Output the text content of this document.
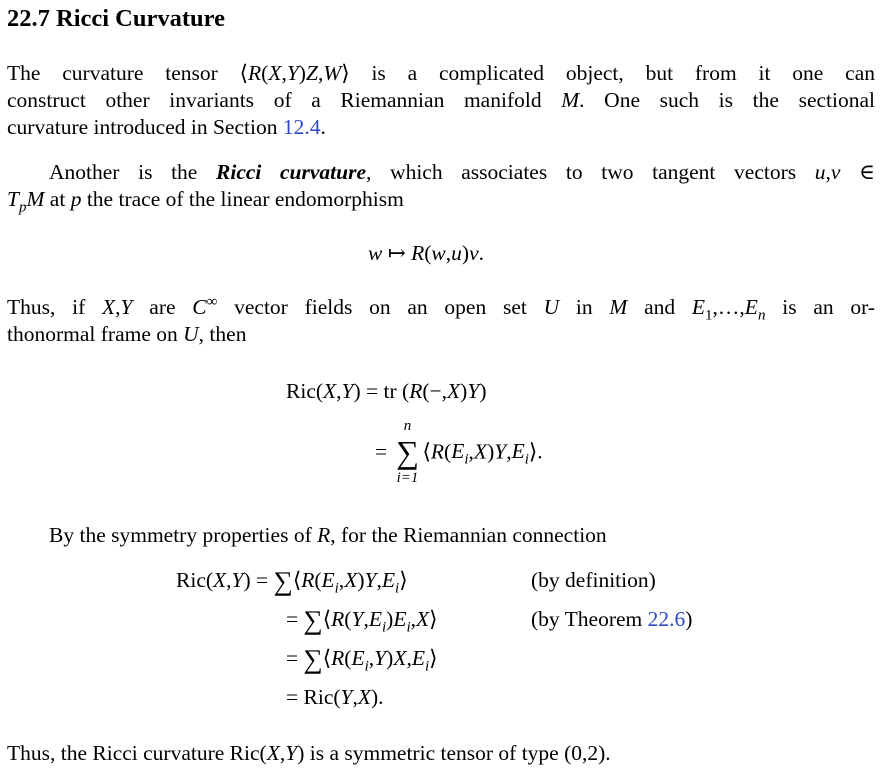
22.7 Ricci Curvature
The curvature tensor ⟨R(X,Y)Z,W⟩ is a complicated object, but from it one can
construct other invariants of a Riemannian manifold M. One such is the sectional
curvature introduced in Section 12.4.
Another is the Ricci curvature, which associates to two tangent vectors u,v ∈
$T_pM$ at p the trace of the linear endomorphism
w ↦ R(w,u)v.
Thus, if X,Y are C∞ vector fields on an open set U in M and $E_1,\dots,E_n$ is an or-
thonormal frame on U, then
Ric(X,Y) = tr (R(−,X)Y)
=
n
∑
i=1
$⟨R(E_i,X)Y,E_i⟩$.
By the symmetry properties of R, for the Riemannian connection
$Ric(X,Y) = \sum⟨R(E_i,X)Y,E_i⟩$	(by definition)
= $\sum⟨R(Y,E_i)E_i,X⟩$	(by Theorem 22.6)
= $\sum⟨R(E_i,Y)X,E_i⟩$
= Ric(Y,X).
Thus, the Ricci curvature Ric(X,Y) is a symmetric tensor of type (0,2).
